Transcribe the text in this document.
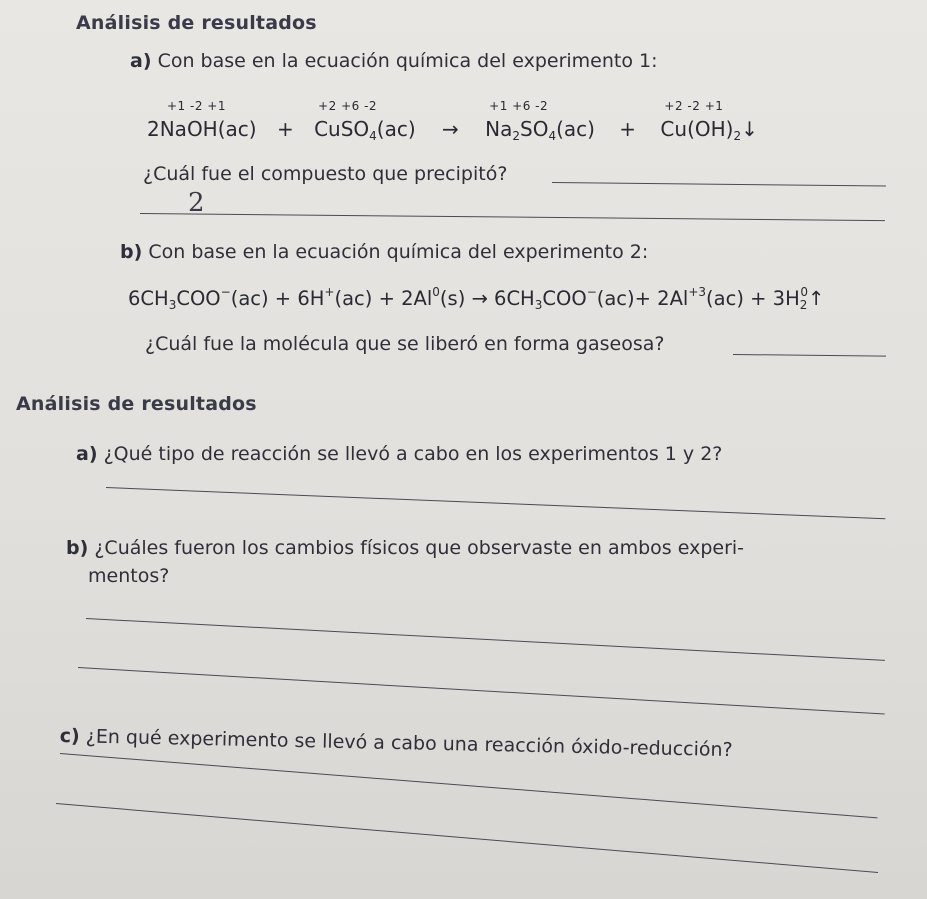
Análisis de resultados
a) Con base en la ecuación química del experimento 1:
+1 -2 +1
2NaOH(ac) +
+2 +6 -2
CuSO$_4$(ac) →
+1 +6 -2
$Na_2SO_4(ac)$ +
+2 -2 +1
$Cu(OH)_2↓$
¿Cuál fue el compuesto que precipitó?
2
b) Con base en la ecuación química del experimento 2:
$6CH_3COO^-(ac) + 6H^+(ac) + 2Al^0(s) \to 6CH_3COO^-(ac)+ 2Al^{+3}(ac)$ + $3H_2^0↑$
¿Cuál fue la molécula que se liberó en forma gaseosa?
Análisis de resultados
a) ¿Qué tipo de reacción se llevó a cabo en los experimentos 1 y 2?
b) ¿Cuáles fueron los cambios físicos que observaste en ambos experi-
mentos?
c) ¿En qué experimento se llevó a cabo una reacción óxido-reducción?
